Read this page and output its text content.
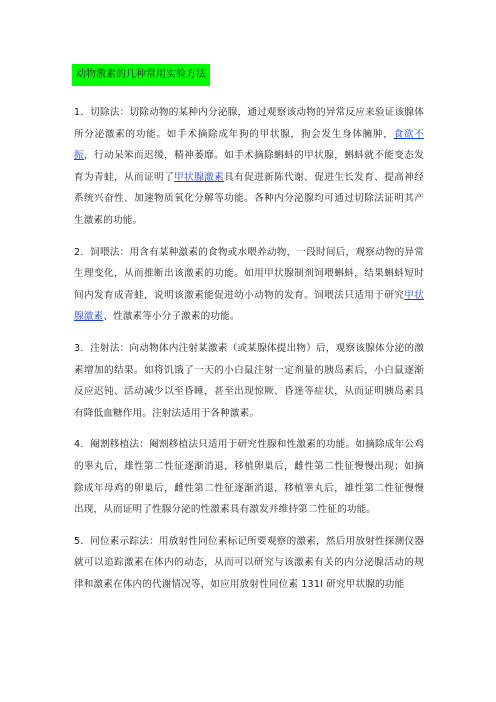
动物激素的几种常用实验方法

1．切除法：切除动物的某种内分泌腺，通过观察该动物的异常反应来验证该腺体所分泌激素的功能。如手术摘除成年狗的甲状腺，狗会发生身体臃肿，食欲不振，行动呆笨而迟缓，精神萎靡。如手术摘除蝌蚪的甲状腺，蝌蚪就不能变态发育为青蛙，从而证明了甲状腺激素具有促进新陈代谢、促进生长发育、提高神经系统兴奋性、加速物质氧化分解等功能。各种内分泌腺均可通过切除法证明其产生激素的功能。

2．饲喂法：用含有某种激素的食物或水喂养动物，一段时间后，观察动物的异常生理变化，从而推断出该激素的功能。如用甲状腺制剂饲喂蝌蚪，结果蝌蚪短时间内发育成青蛙，说明该激素能促进幼小动物的发育。饲喂法只适用于研究甲状腺激素、性激素等小分子激素的功能。

3．注射法：向动物体内注射某激素（或某腺体提出物）后，观察该腺体分泌的激素增加的结果。如将饥饿了一天的小白鼠注射一定剂量的胰岛素后，小白鼠逐渐反应迟钝、活动减少以至昏睡，甚至出现惊厥、昏迷等症状，从而证明胰岛素具有降低血糖作用。注射法适用于各种激素。

4．阉割移植法：阉割移植法只适用于研究性腺和性激素的功能。如摘除成年公鸡的睾丸后，雄性第二性征逐渐消退，移植卵巢后，雌性第二性征慢慢出现；如摘除成年母鸡的卵巢后，雌性第二性征逐渐消退，移植睾丸后，雄性第二性征慢慢出现，从而证明了性腺分泌的性激素具有激发并维持第二性征的功能。

5．同位素示踪法：用放射性同位素标记所要观察的激素，然后用放射性探测仪器就可以追踪激素在体内的动态，从而可以研究与该激素有关的内分泌腺活动的规律和激素在体内的代谢情况等，如应用放射性同位素 131I 研究甲状腺的功能
